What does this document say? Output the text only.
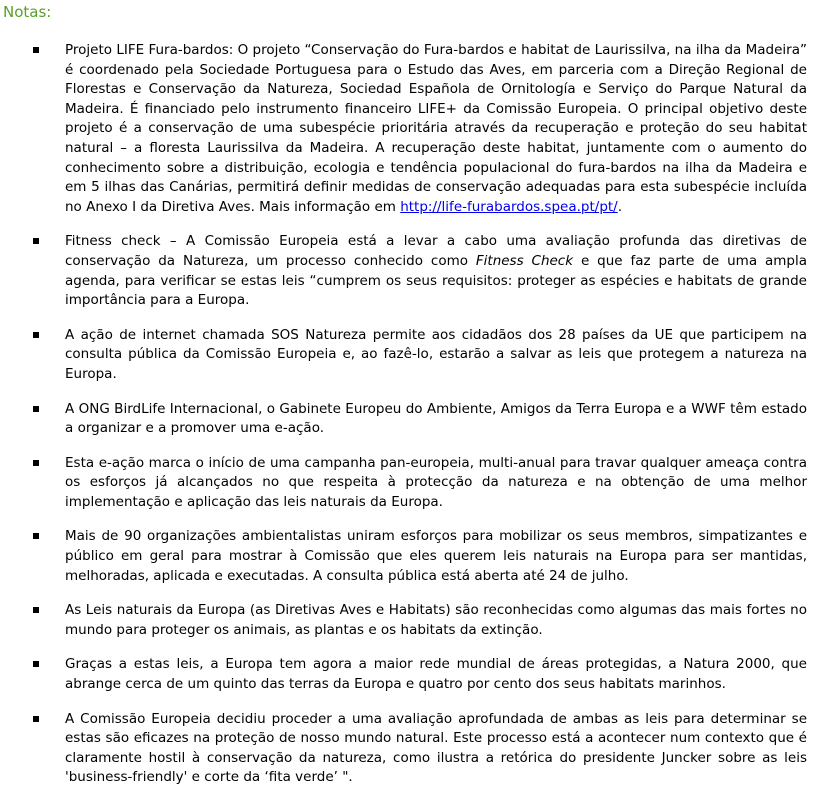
Notas:
Projeto LIFE Fura-bardos: O projeto “Conservação do Fura-bardos e habitat de Laurissilva, na ilha da Madeira” é coordenado pela Sociedade Portuguesa para o Estudo das Aves, em parceria com a Direção Regional de Florestas e Conservação da Natureza, Sociedad Española de Ornitología e Serviço do Parque Natural da Madeira. É financiado pelo instrumento financeiro LIFE+ da Comissão Europeia. O principal objetivo deste projeto é a conservação de uma subespécie prioritária através da recuperação e proteção do seu habitat natural – a floresta Laurissilva da Madeira. A recuperação deste habitat, juntamente com o aumento do conhecimento sobre a distribuição, ecologia e tendência populacional do fura-bardos na ilha da Madeira e em 5 ilhas das Canárias, permitirá definir medidas de conservação adequadas para esta subespécie incluída no Anexo I da Diretiva Aves. Mais informação em http://life-furabardos.spea.pt/pt/.
Fitness check – A Comissão Europeia está a levar a cabo uma avaliação profunda das diretivas de conservação da Natureza, um processo conhecido como Fitness Check e que faz parte de uma ampla agenda, para verificar se estas leis “cumprem os seus requisitos: proteger as espécies e habitats de grande importância para a Europa.
A ação de internet chamada SOS Natureza permite aos cidadãos dos 28 países da UE que participem na consulta pública da Comissão Europeia e, ao fazê-lo, estarão a salvar as leis que protegem a natureza na Europa.
A ONG BirdLife Internacional, o Gabinete Europeu do Ambiente, Amigos da Terra Europa e a WWF têm estado a organizar e a promover uma e-ação.
Esta e-ação marca o início de uma campanha pan-europeia, multi-anual para travar qualquer ameaça contra os esforços já alcançados no que respeita à protecção da natureza e na obtenção de uma melhor implementação e aplicação das leis naturais da Europa.
Mais de 90 organizações ambientalistas uniram esforços para mobilizar os seus membros, simpatizantes e público em geral para mostrar à Comissão que eles querem leis naturais na Europa para ser mantidas, melhoradas, aplicada e executadas. A consulta pública está aberta até 24 de julho.
As Leis naturais da Europa (as Diretivas Aves e Habitats) são reconhecidas como algumas das mais fortes no mundo para proteger os animais, as plantas e os habitats da extinção.
Graças a estas leis, a Europa tem agora a maior rede mundial de áreas protegidas, a Natura 2000, que abrange cerca de um quinto das terras da Europa e quatro por cento dos seus habitats marinhos.
A Comissão Europeia decidiu proceder a uma avaliação aprofundada de ambas as leis para determinar se estas são eficazes na proteção de nosso mundo natural. Este processo está a acontecer num contexto que é claramente hostil à conservação da natureza, como ilustra a retórica do presidente Juncker sobre as leis 'business-friendly' e corte da ‘fita verde’ ".
